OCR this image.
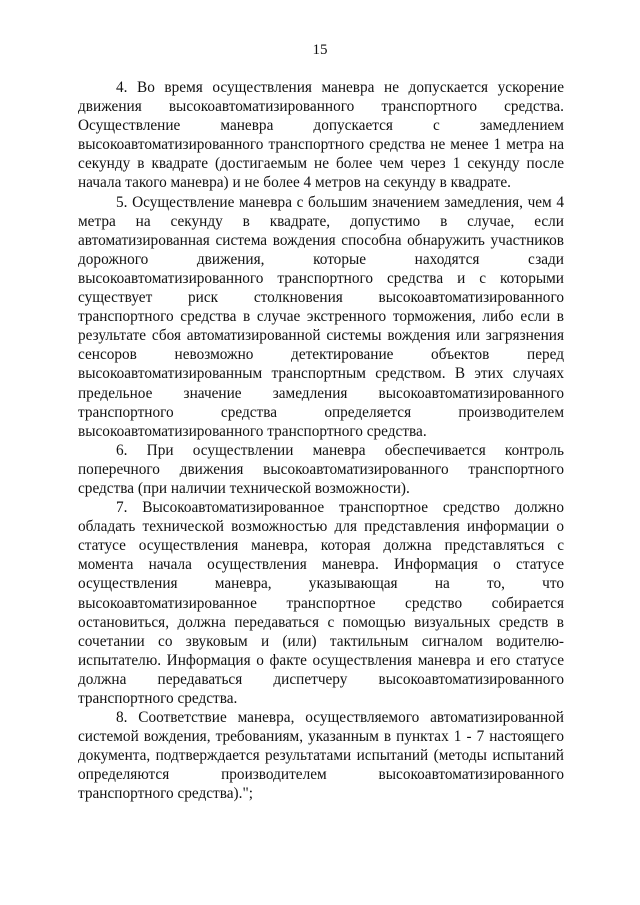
15

4. Во время осуществления маневра не допускается ускорение движения высокоавтоматизированного транспортного средства. Осуществление маневра допускается с замедлением высокоавтоматизированного транспортного средства не менее 1 метра на секунду в квадрате (достигаемым не более чем через 1 секунду после начала такого маневра) и не более 4 метров на секунду в квадрате.

5. Осуществление маневра с большим значением замедления, чем 4 метра на секунду в квадрате, допустимо в случае, если автоматизированная система вождения способна обнаружить участников дорожного движения, которые находятся сзади высокоавтоматизированного транспортного средства и с которыми существует риск столкновения высокоавтоматизированного транспортного средства в случае экстренного торможения, либо если в результате сбоя автоматизированной системы вождения или загрязнения сенсоров невозможно детектирование объектов перед высокоавтоматизированным транспортным средством. В этих случаях предельное значение замедления высокоавтоматизированного транспортного средства определяется производителем высокоавтоматизированного транспортного средства.

6. При осуществлении маневра обеспечивается контроль поперечного движения высокоавтоматизированного транспортного средства (при наличии технической возможности).

7. Высокоавтоматизированное транспортное средство должно обладать технической возможностью для представления информации о статусе осуществления маневра, которая должна представляться с момента начала осуществления маневра. Информация о статусе осуществления маневра, указывающая на то, что высокоавтоматизированное транспортное средство собирается остановиться, должна передаваться с помощью визуальных средств в сочетании со звуковым и (или) тактильным сигналом водителю-испытателю. Информация о факте осуществления маневра и его статусе должна передаваться диспетчеру высокоавтоматизированного транспортного средства.

8. Соответствие маневра, осуществляемого автоматизированной системой вождения, требованиям, указанным в пунктах 1 - 7 настоящего документа, подтверждается результатами испытаний (методы испытаний определяются производителем высокоавтоматизированного транспортного средства).";
